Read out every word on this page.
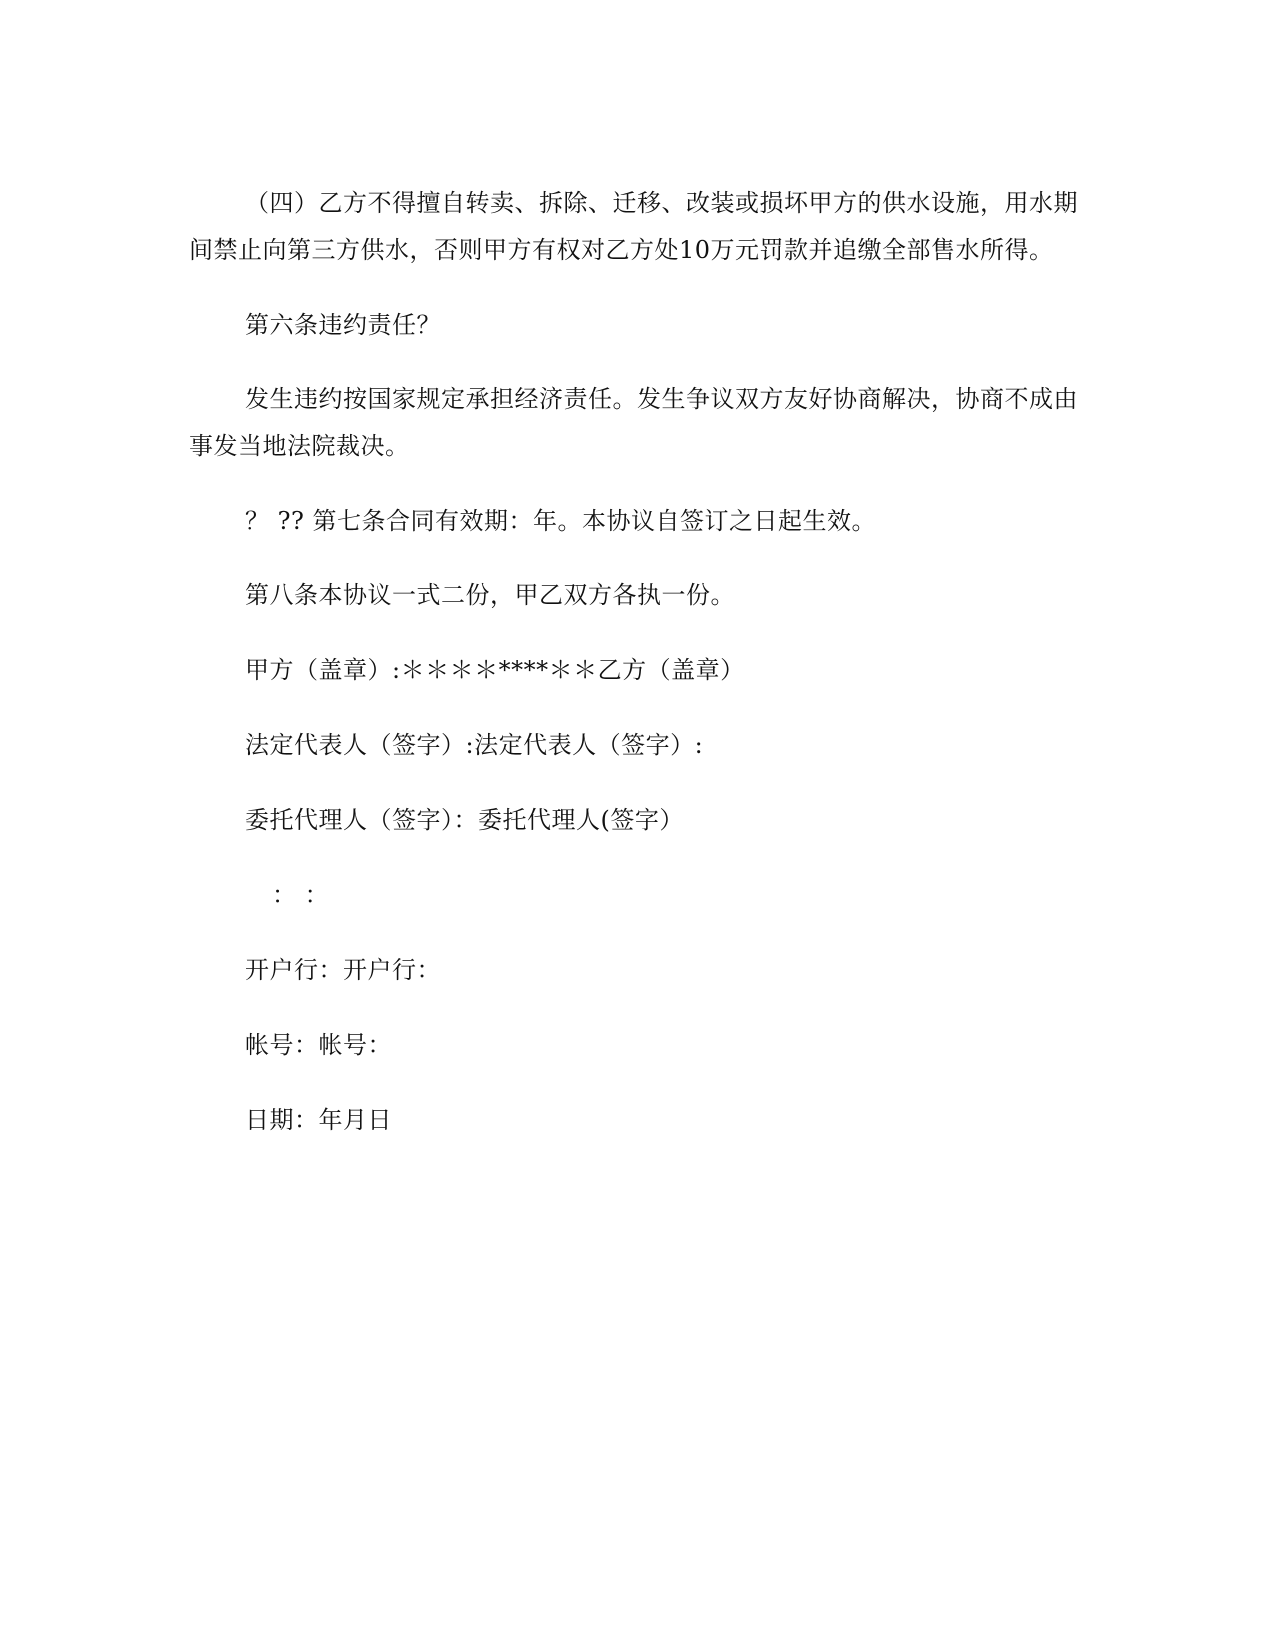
（四）乙方不得擅自转卖、拆除、迁移、改装或损坏甲方的供水设施，用水期
间禁止向第三方供水，否则甲方有权对乙方处10万元罚款并追缴全部售水所得。
第六条违约责任？
发生违约按国家规定承担经济责任。发生争议双方友好协商解决，协商不成由
事发当地法院裁决。
？ ?? 第七条合同有效期：年。本协议自签订之日起生效。
第八条本协议一式二份，甲乙双方各执一份。
甲方（盖章）:＊＊＊＊****＊＊乙方（盖章）
法定代表人（签字）:法定代表人（签字）:
委托代理人（签字）：委托代理人(签字）
： ：
开户行：开户行：
帐号：帐号：
日期：年月日
